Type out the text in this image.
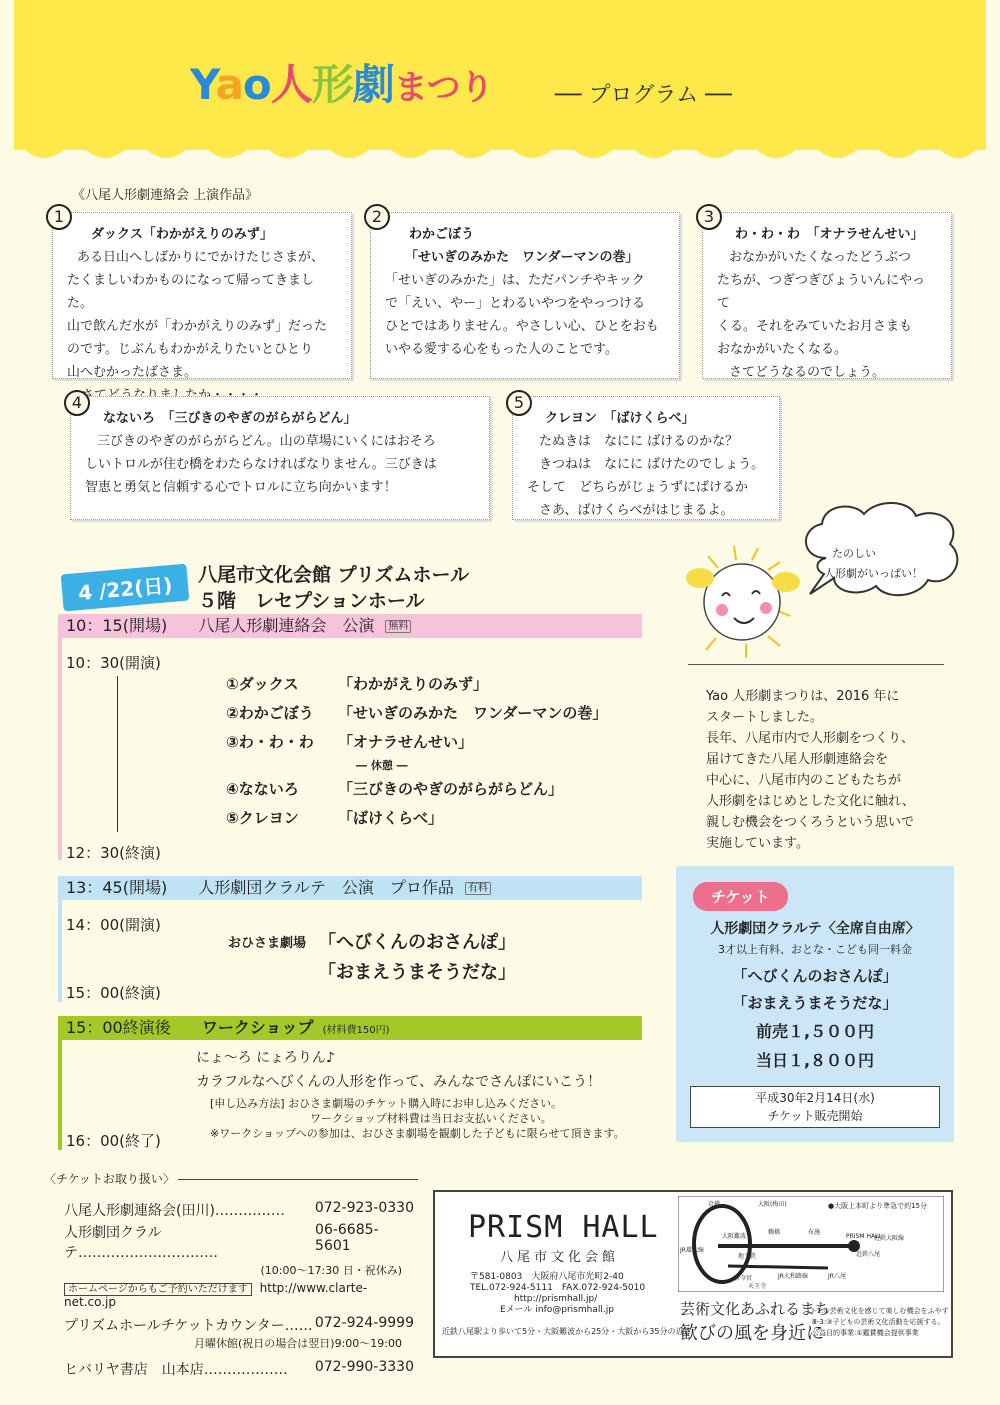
Yao人形劇まつり	── プログラム ──
《八尾人形劇連絡会 上演作品》
ダックス「わかがえりのみず」
ある日山へしばかりにでかけたじさまが、
たくましいわかものになって帰ってきました。
山で飲んだ水が「わかがえりのみず」だった
のです。じぶんもわかがえりたいとひとり
山へむかったばさま。
1
わかごぼう
「せいぎのみかた　ワンダーマンの巻」
「せいぎのみかた」は、ただパンチやキック
で「えい、やー」とわるいやつをやっつける
ひとではありません。やさしい心、ひとをおも
いやる愛する心をもった人のことです。
2
わ・わ・わ　「オナラせんせい」
おなかがいたくなったどうぶつ
たちが、つぎつぎびょういんにやって
くる。それをみていたお月さまも
おなかがいたくなる。
さてどうなるのでしょう。
3
なないろ　「三びきのやぎのがらがらどん」
三びきのやぎのがらがらどん。山の草場にいくにはおそろ
しいトロルが住む橋をわたらなければなりません。三びきは
智恵と勇気と信頼する心でトロルに立ち向かいます！
4
クレヨン　「ばけくらべ」
たぬきは　なにに ばけるのかな？
きつねは　なにに ばけたのでしょう。
そして　どちらがじょうずにばけるか
さあ、ばけくらべがはじまるよ。
5
たのしい
人形劇がいっぱい！
4 /22(日)	八尾市文化会館 プリズムホール
５階　レセプションホール
10：15(開場) 八尾人形劇連絡会　公演 無料
10：30(開演)
12：30(終演)
①ダックス	「わかがえりのみず」
②わかごぼう 「せいぎのみかた　ワンダーマンの巻」
③わ・わ・わ 「オナラせんせい」
― 休憩 ―
④なないろ	「三びきのやぎのがらがらどん」
⑤クレヨン	「ばけくらべ」
13：45(開場) 人形劇団クラルテ　公演　プロ作品 有料
14：00(開演)
15：00(終演)
おひさま劇場 「へびくんのおさんぽ」
「おまえうまそうだな」
15：00終演後 ワークショップ (材料費150円)
にょ～ろ にょろりん♪
カラフルなへびくんの人形を作って、みんなでさんぽにいこう！
[申し込み方法] おひさま劇場のチケット購入時にお申し込みください。
ワークショップ材料費は当日お支払いください。
※ワークショップへの参加は、おひさま劇場を観劇した子どもに限らせて頂きます。
16：00(終了)
Yao 人形劇まつりは、2016 年に
スタートしました。
長年、八尾市内で人形劇をつくり、
届けてきた八尾人形劇連絡会を
中心に、八尾市内のこどもたちが
人形劇をはじめとした文化に触れ、
親しむ機会をつくろうという思いで
実施しています。
チケット
人形劇団クラルテ〈全席自由席〉
3才以上有料、おとな・こども同一料金
「へびくんのおさんぽ」
「おまえうまそうだな」
前売１,５００円
当日１,８００円
平成30年2月14日(水)
チケット販売開始
〈チケットお取り扱い〉
八尾人形劇連絡会(田川)…………… 072-923-0330
人形劇団クラルテ…………………………
06-6685-5601
(10:00～17:30 日・祝休み)
ホームページからもご予約いただけます http://www.clarte-net.co.jp
プリズムホールチケットカウンター…… 072-924-9999
月曜休館(祝日の場合は翌日)9:00～19:00
ヒバリヤ書店　山本店……………… 072-990-3330
PRISM HALL
八尾市文化会館
〒581-0803　大阪府八尾市光町2-40
TEL.072-924-5111　FAX.072-924-5010
http://prismhall.jp/
Eメール info@prismhall.jp
近鉄八尾駅より歩いて5分・大阪難波から25分・大阪から35分の近さ
京橋	大阪(梅田)
鶴橋	布施
PRISM HALL
近鉄八尾
近鉄大阪線
JR環状線
大阪難波
地下鉄
新今宮
天王寺
JR大和路線	JR八尾
●大阪上本町より準急で約15分
芸術文化あふれるまち
歓びの風を身近に
Ⅰ-1:①芸術文化を感じて楽しむ機会をふやす
Ⅲ-3:③子どもの芸術文化活動を応援する。
公益目的事業:①鑑賞機会提供事業
